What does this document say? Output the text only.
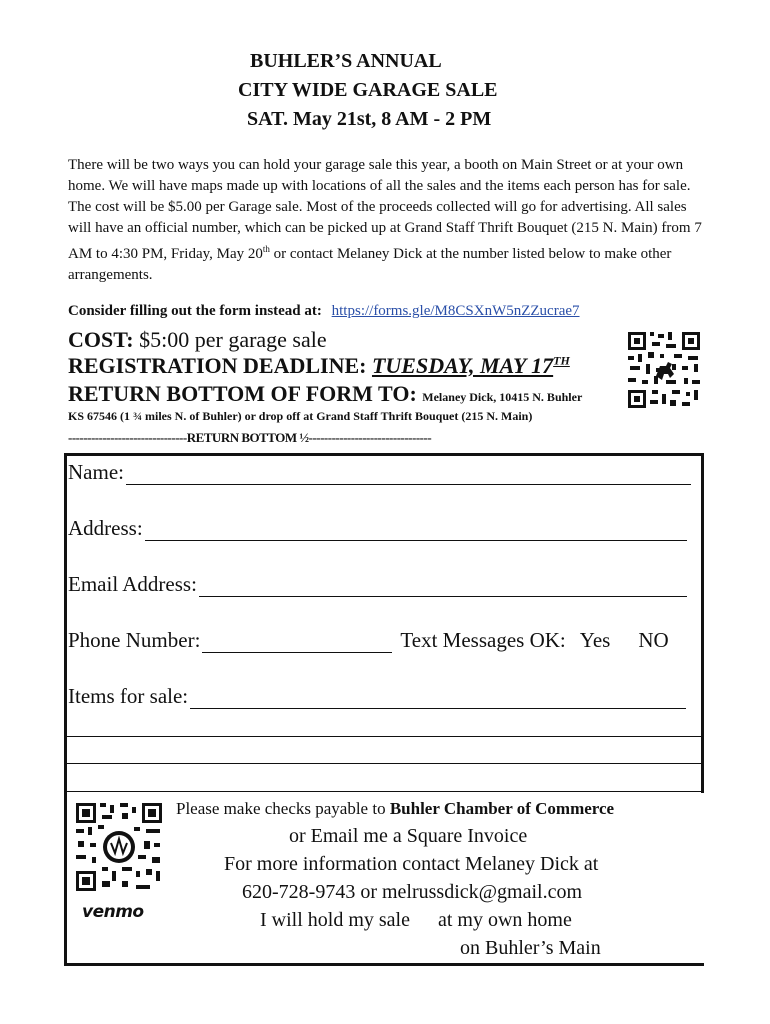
BUHLER’S ANNUAL
CITY WIDE GARAGE SALE
SAT. May 21st, 8 AM - 2 PM
There will be two ways you can hold your garage sale this year, a booth on Main Street or at your own home. We will have maps made up with locations of all the sales and the items each person has for sale. The cost will be $5.00 per Garage sale. Most of the proceeds collected will go for advertising. All sales will have an official number, which can be picked up at Grand Staff Thrift Bouquet (215 N. Main) from 7 AM to 4:30 PM, Friday, May 20th or contact Melaney Dick at the number listed below to make other arrangements.
Consider filling out the form instead at: https://forms.gle/M8CSXnW5nZZucrae7
COST: $5:00 per garage sale
REGISTRATION DEADLINE: TUESDAY, MAY 17TH
RETURN BOTTOM OF FORM TO: Melaney Dick, 10415 N. Buhler
KS 67546 (1 ¾ miles N. of Buhler) or drop off at Grand Staff Thrift Bouquet (215 N. Main)
-------------------------------RETURN BOTTOM ½--------------------------------
Name:
Address:
Email Address:
Phone Number:	Text Messages OK: Yes NO
Items for sale:
venmo
Please make checks payable to Buhler Chamber of Commerce
or Email me a Square Invoice
For more information contact Melaney Dick at
620-728-9743 or melrussdick@gmail.com
I will hold my sale at my own home
on Buhler’s Main
